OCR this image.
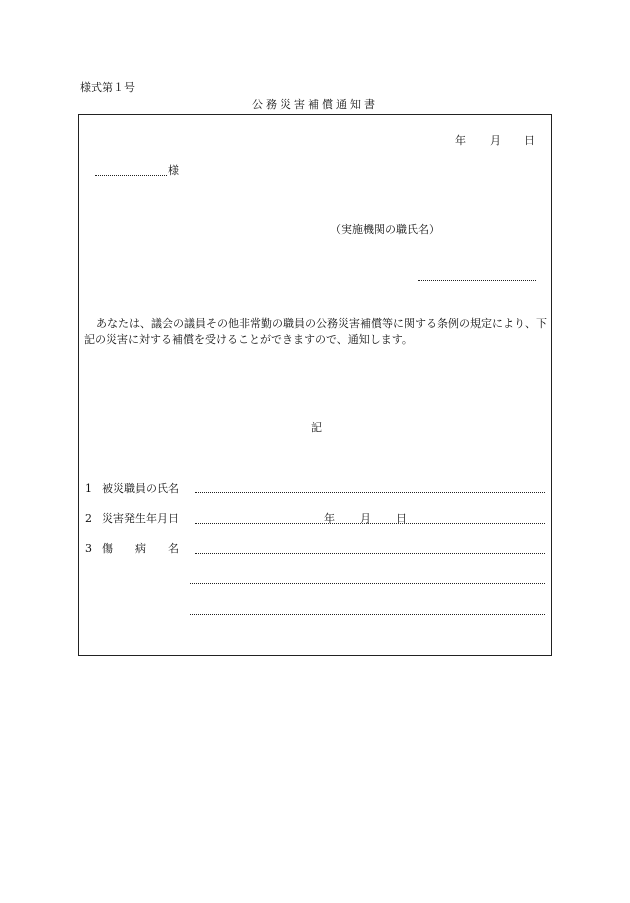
様式第１号
公務災害補償通知書
年 月 日
様
（実施機関の職氏名）
あなたは、議会の議員その他非常勤の職員の公務災害補償等に関する条例の規定により、下記の災害に対する補償を受けることができますので、通知します。
記
1 被災職員の氏名
2 災害発生年月日	年 月 日
3 傷　　病　　名
